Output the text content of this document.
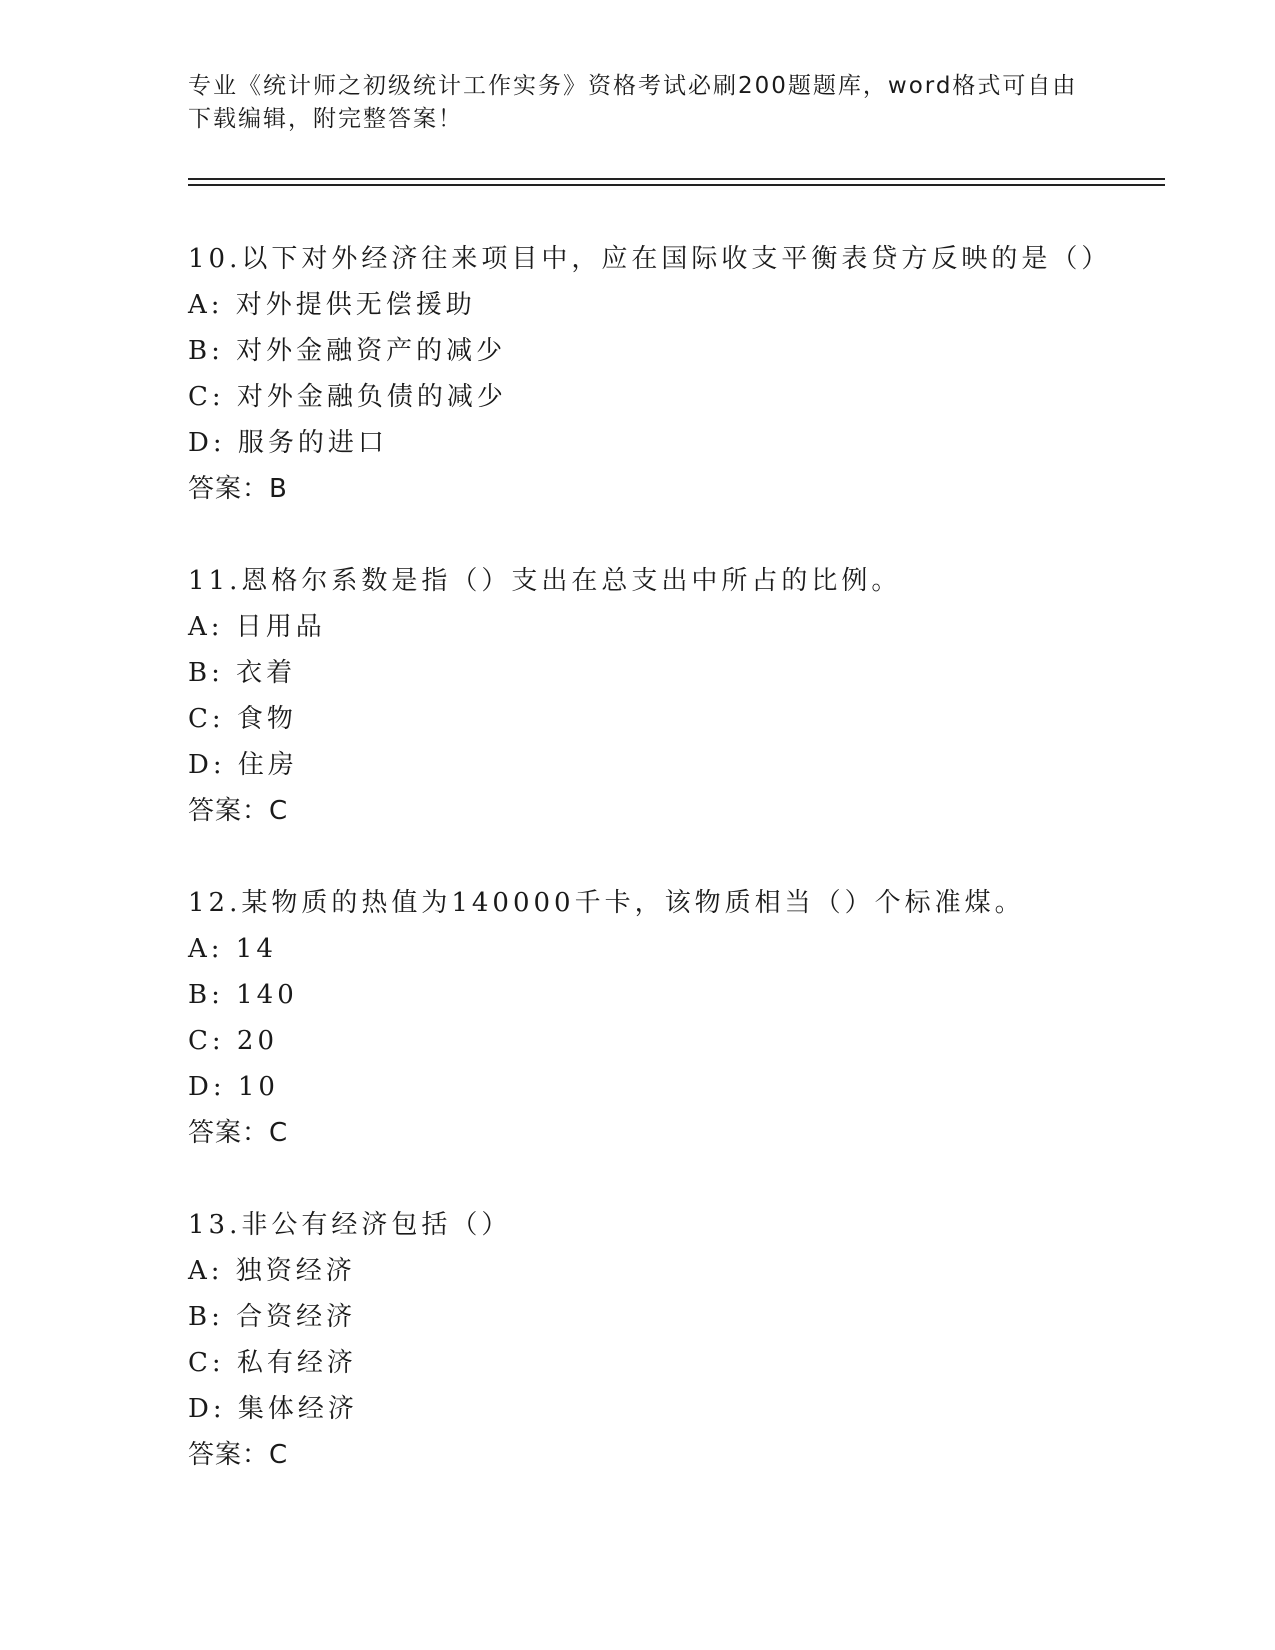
专业《统计师之初级统计工作实务》资格考试必刷200题题库，word格式可自由下载编辑，附完整答案！

10.以下对外经济往来项目中，应在国际收支平衡表贷方反映的是（）
A: 对外提供无偿援助
B: 对外金融资产的减少
C: 对外金融负债的减少
D: 服务的进口
答案：B
11.恩格尔系数是指（）支出在总支出中所占的比例。
A: 日用品
B: 衣着
C: 食物
D: 住房
答案：C
12.某物质的热值为140000千卡，该物质相当（）个标准煤。
A: 14
B: 140
C: 20
D: 10
答案：C
13.非公有经济包括（）
A: 独资经济
B: 合资经济
C: 私有经济
D: 集体经济
答案：C
